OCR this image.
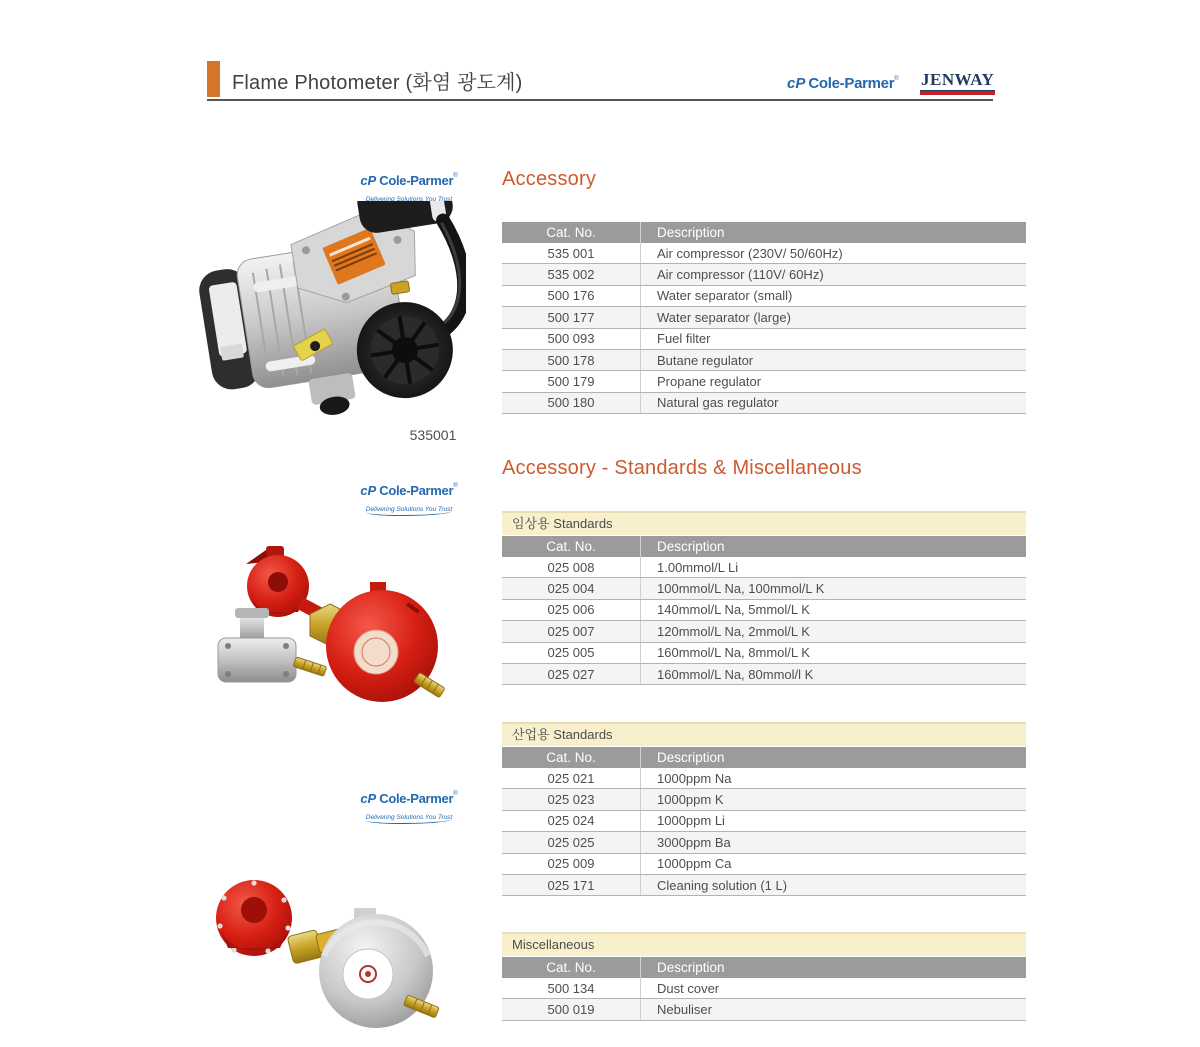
Flame Photometer (화염 광도계)	cP Cole-Parmer® JENWAY
cP Cole-Parmer®
Delivering Solutions You Trust
cP Cole-Parmer®
Delivering Solutions You Trust
cP Cole-Parmer®
Delivering Solutions You Trust
535001
Accessory
Cat. No.	Description
535 001	Air compressor (230V/ 50/60Hz)
535 002	Air compressor (110V/ 60Hz)
500 176	Water separator (small)
500 177	Water separator (large)
500 093	Fuel filter
500 178	Butane regulator
500 179	Propane regulator
500 180	Natural gas regulator
Accessory - Standards & Miscellaneous
임상용 Standards
Cat. No.	Description
025 008	1.00mmol/L Li
025 004	100mmol/L Na, 100mmol/L K
025 006	140mmol/L Na, 5mmol/L K
025 007	120mmol/L Na, 2mmol/L K
025 005	160mmol/L Na, 8mmol/L K
025 027	160mmol/L Na, 80mmol/l K
산업용 Standards
Cat. No.	Description
025 021	1000ppm Na
025 023	1000ppm K
025 024	1000ppm Li
025 025	3000ppm Ba
025 009	1000ppm Ca
025 171	Cleaning solution (1 L)
Miscellaneous
Cat. No.	Description
500 134	Dust cover
500 019	Nebuliser
